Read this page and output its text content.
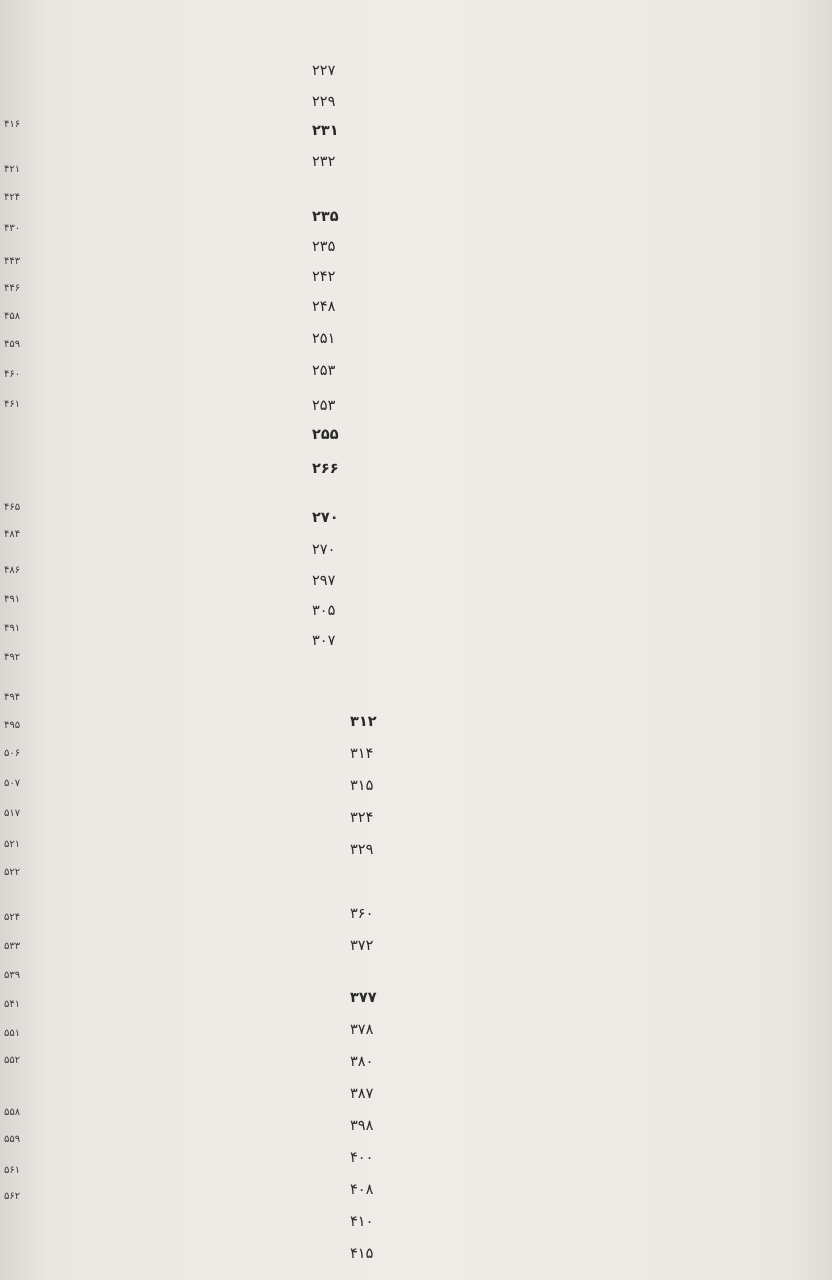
۳۱۲
۳۱۴
۳۱۵
۳۲۴
۳۲۹
۳۶۰
۳۷۲
۳۷۷
۳۷۸
۳۸۰
۳۸۷
۳۹۸
۴۰۰
۴۰۸
۴۱۰
۴۱۵
۲۲۷
۲۲۹
۲۳۱
۲۳۲
۲۳۵
۲۳۵
۲۴۲
۲۴۸
۲۵۱
۲۵۳
۲۵۳
۲۵۵
۲۶۶
۲۷۰
۲۷۰
۲۹۷
۳۰۵
۳۰۷
۴۱۶
۴۲۱
۴۲۴
۴۳۰
۴۴۳
۴۴۶
۴۵۸
۴۵۹
۴۶۰
۴۶۱
۴۶۵
۴۸۴
۴۸۶
۴۹۱
۴۹۱
۴۹۲
۴۹۴
۴۹۵
۵۰۶
۵۰۷
۵۱۷
۵۲۱
۵۲۲
۵۲۴
۵۳۳
۵۳۹
۵۴۱
۵۵۱
۵۵۲
۵۵۸
۵۵۹
۵۶۱
۵۶۲
